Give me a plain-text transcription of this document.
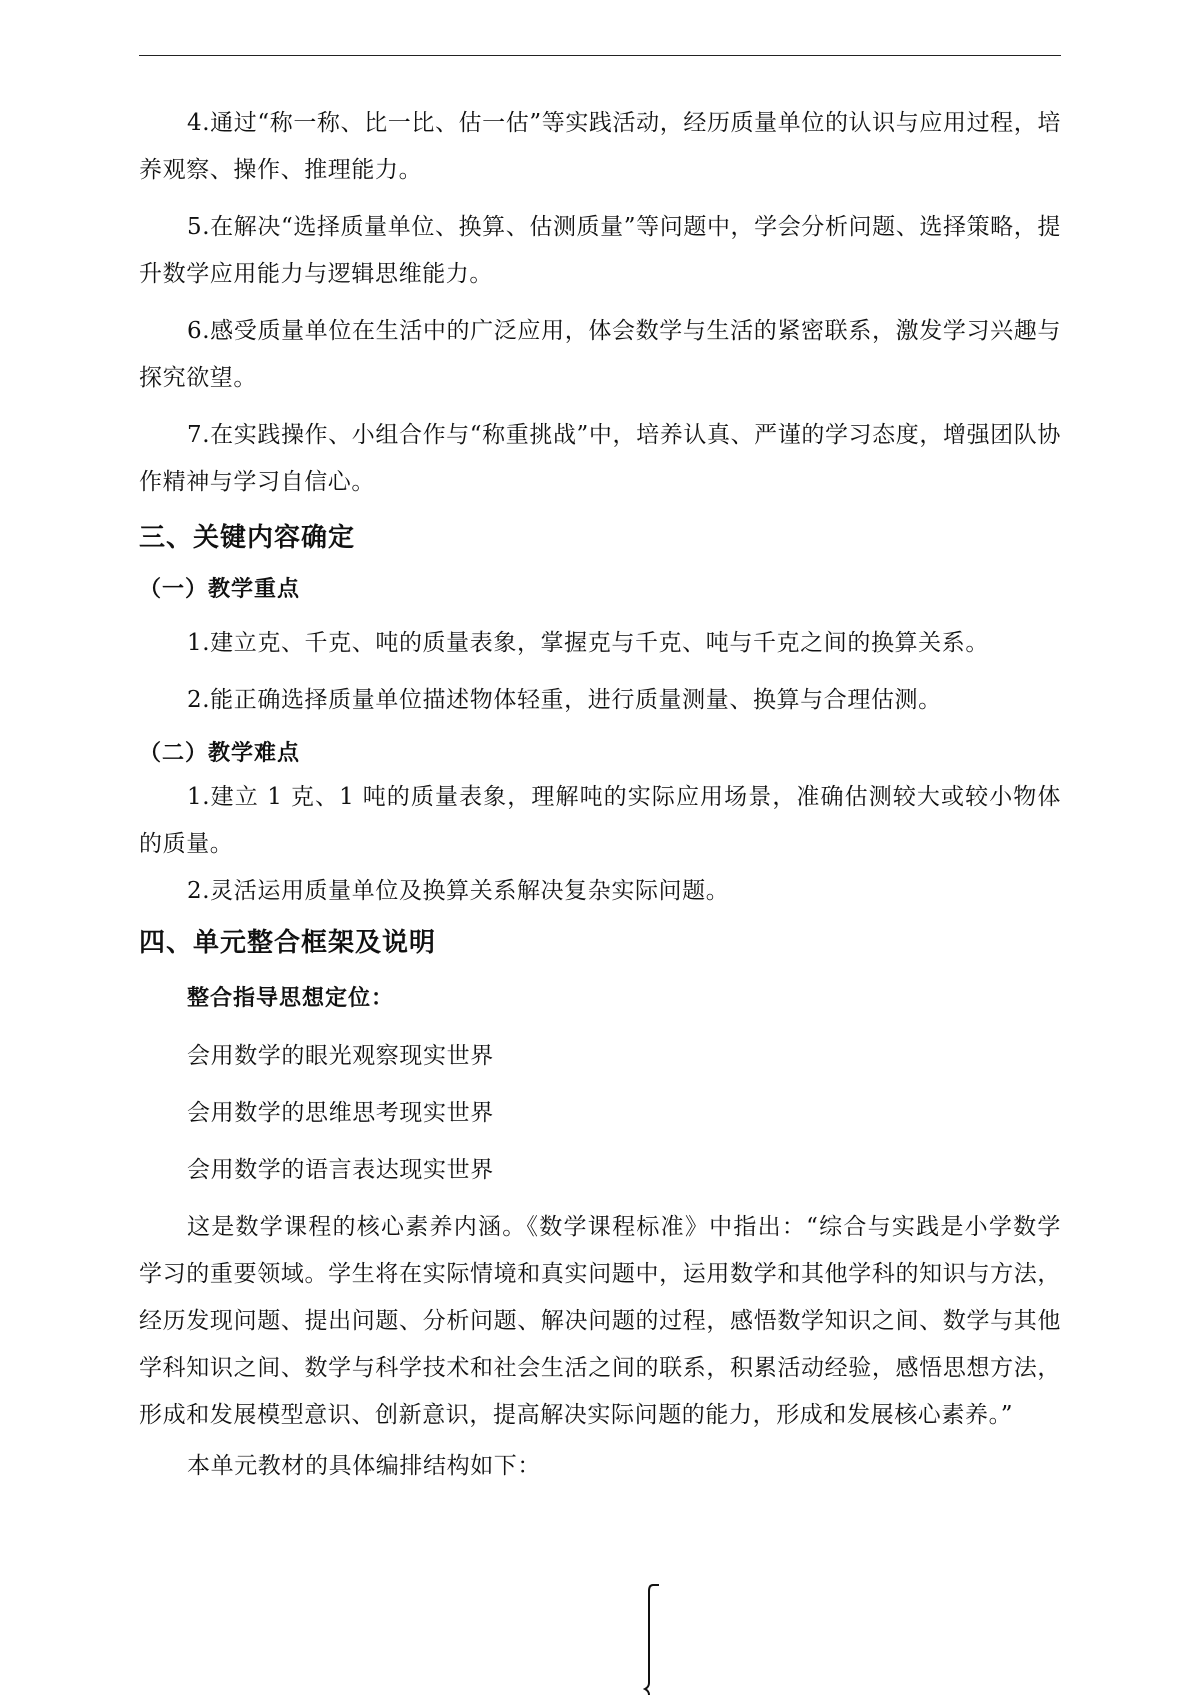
4.通过“称一称、比一比、估一估”等实践活动，经历质量单位的认识与应用过程，培养观察、操作、推理能力。

5.在解决“选择质量单位、换算、估测质量”等问题中，学会分析问题、选择策略，提升数学应用能力与逻辑思维能力。

6.感受质量单位在生活中的广泛应用，体会数学与生活的紧密联系，激发学习兴趣与探究欲望。

7.在实践操作、小组合作与“称重挑战”中，培养认真、严谨的学习态度，增强团队协作精神与学习自信心。

三、关键内容确定
（一）教学重点

1.建立克、千克、吨的质量表象，掌握克与千克、吨与千克之间的换算关系。

2.能正确选择质量单位描述物体轻重，进行质量测量、换算与合理估测。

（二）教学难点

1.建立 1 克、1 吨的质量表象，理解吨的实际应用场景，准确估测较大或较小物体的质量。

2.灵活运用质量单位及换算关系解决复杂实际问题。

四、单元整合框架及说明

整合指导思想定位：

会用数学的眼光观察现实世界

会用数学的思维思考现实世界

会用数学的语言表达现实世界

这是数学课程的核心素养内涵。《数学课程标准》中指出：“综合与实践是小学数学学习的重要领域。学生将在实际情境和真实问题中，运用数学和其他学科的知识与方法，经历发现问题、提出问题、分析问题、解决问题的过程，感悟数学知识之间、数学与其他学科知识之间、数学与科学技术和社会生活之间的联系，积累活动经验，感悟思想方法，形成和发展模型意识、创新意识，提高解决实际问题的能力，形成和发展核心素养。”

本单元教材的具体编排结构如下：
